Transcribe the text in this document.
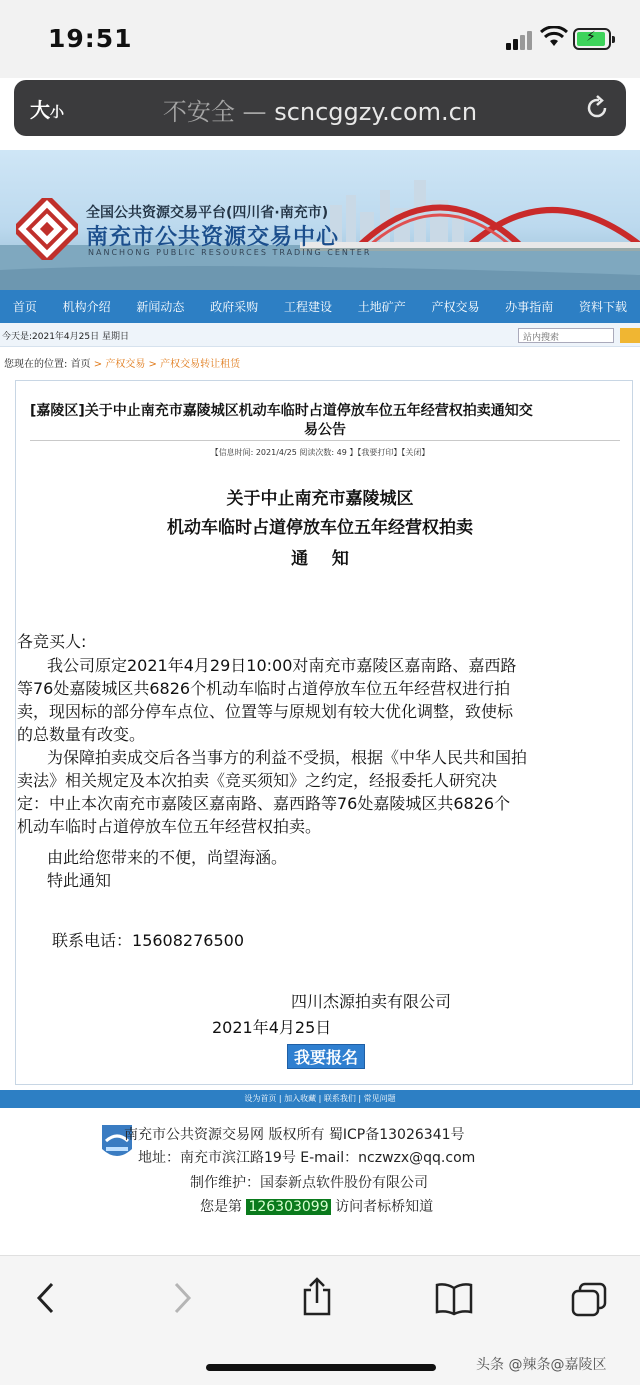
19:51	⚡
大小	不安全 — scncggzy.com.cn
全国公共资源交易平台(四川省·南充市)
南充市公共资源交易中心
NANCHONG PUBLIC RESOURCES TRADING CENTER
首页 机构介绍 新闻动态 政府采购 工程建设 土地矿产 产权交易 办事指南 资料下载
今天是:2021年4月25日 星期日	站内搜索
您现在的位置: 首页 > 产权交易 > 产权交易转让租赁
[嘉陵区]关于中止南充市嘉陵城区机动车临时占道停放车位五年经营权拍卖通知交
易公告
【信息时间: 2021/4/25 阅读次数: 49 】【我要打印】【关闭】
关于中止南充市嘉陵城区
机动车临时占道停放车位五年经营权拍卖
通    知
各竞买人:
我公司原定2021年4月29日10:00对南充市嘉陵区嘉南路、嘉西路
等76处嘉陵城区共6826个机动车临时占道停放车位五年经营权进行拍
卖，现因标的部分停车点位、位置等与原规划有较大优化调整，致使标
的总数量有改变。
为保障拍卖成交后各当事方的利益不受损，根据《中华人民共和国拍
卖法》相关规定及本次拍卖《竞买须知》之约定，经报委托人研究决
定：中止本次南充市嘉陵区嘉南路、嘉西路等76处嘉陵城区共6826个
机动车临时占道停放车位五年经营权拍卖。
由此给您带来的不便，尚望海涵。
特此通知
联系电话：15608276500
四川杰源拍卖有限公司
2021年4月25日
我要报名
设为首页 | 加入收藏 | 联系我们 | 常见问题
南充市公共资源交易网 版权所有 蜀ICP备13026341号
地址：南充市滨江路19号 E-mail：nczwzx@qq.com
制作维护：国泰新点软件股份有限公司
您是第 126303099 访问者标桥知道
头条 @辣条@嘉陵区
